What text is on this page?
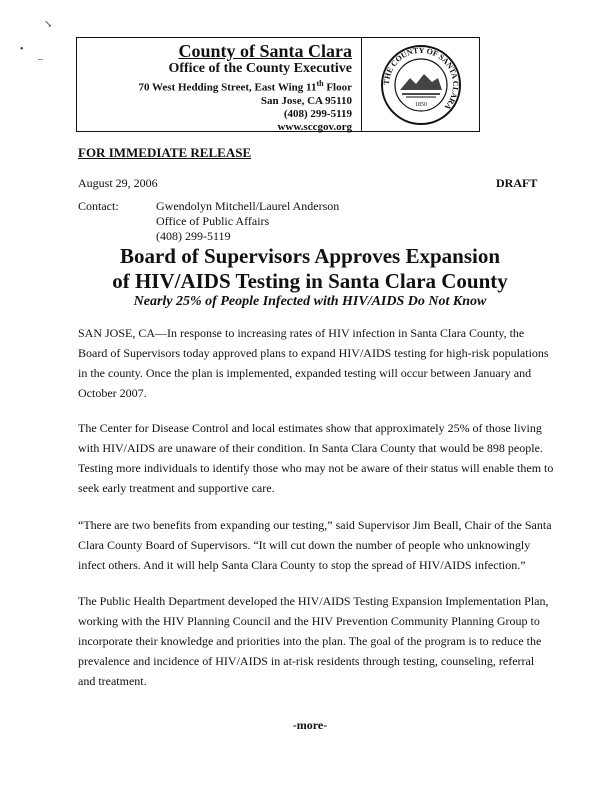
↘
•
‒	County of Santa Clara
Office of the County Executive
70 West Hedding Street, East Wing 11th Floor
San Jose, CA 95110
(408) 299-5119
www.sccgov.org
THE COUNTY OF SANTA CLARA
1850
FOR IMMEDIATE RELEASE
August 29, 2006	DRAFT
Contact:	Gwendolyn Mitchell/Laurel Anderson
Office of Public Affairs
(408) 299-5119
Board of Supervisors Approves Expansion
of HIV/AIDS Testing in Santa Clara County
Nearly 25% of People Infected with HIV/AIDS Do Not Know
SAN JOSE, CA—In response to increasing rates of HIV infection in Santa Clara County, the Board of Supervisors today approved plans to expand HIV/AIDS testing for high-risk populations in the county. Once the plan is implemented, expanded testing will occur between January and October 2007.
The Center for Disease Control and local estimates show that approximately 25% of those living with HIV/AIDS are unaware of their condition. In Santa Clara County that would be 898 people. Testing more individuals to identify those who may not be aware of their status will enable them to seek early treatment and supportive care.
“There are two benefits from expanding our testing,” said Supervisor Jim Beall, Chair of the Santa Clara County Board of Supervisors. “It will cut down the number of people who unknowingly infect others. And it will help Santa Clara County to stop the spread of HIV/AIDS infection.”
The Public Health Department developed the HIV/AIDS Testing Expansion Implementation Plan, working with the HIV Planning Council and the HIV Prevention Community Planning Group to incorporate their knowledge and priorities into the plan. The goal of the program is to reduce the prevalence and incidence of HIV/AIDS in at-risk residents through testing, counseling, referral and treatment.
-more-
